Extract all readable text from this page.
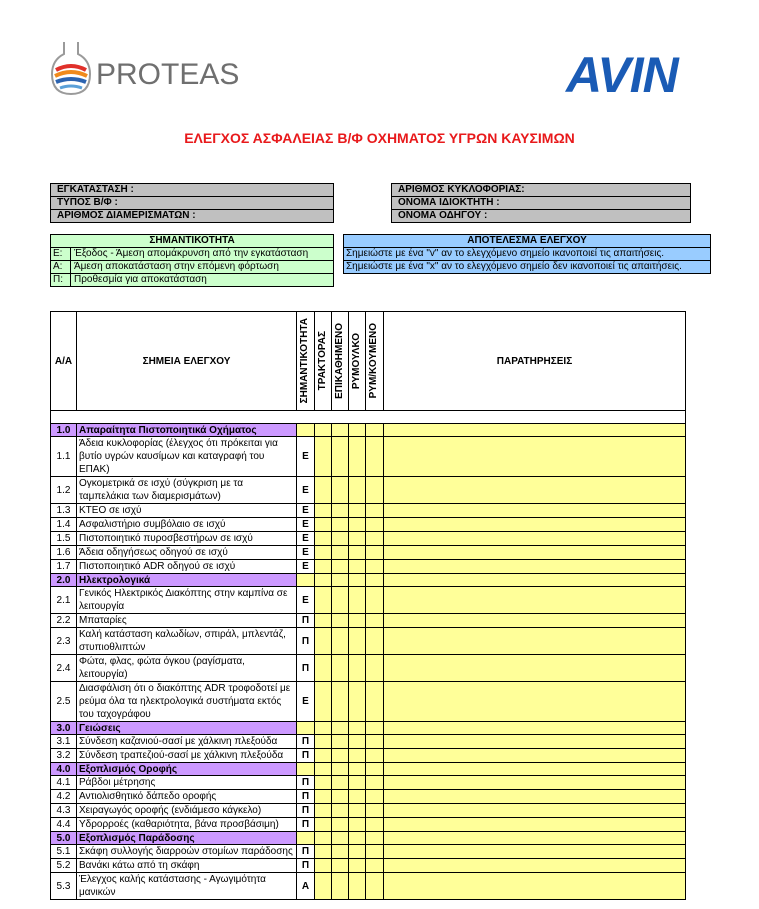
PROTEAS	AVIN
ΕΛΕΓΧΟΣ ΑΣΦΑΛΕΙΑΣ Β/Φ ΟΧΗΜΑΤΟΣ ΥΓΡΩΝ ΚΑΥΣΙΜΩΝ
ΕΓΚΑΤΑΣΤΑΣΗ :
ΤΥΠΟΣ Β/Φ :
ΑΡΙΘΜΟΣ ΔΙΑΜΕΡΙΣΜΑΤΩΝ :
ΑΡΙΘΜΟΣ ΚΥΚΛΟΦΟΡΙΑΣ:
ΟΝΟΜΑ ΙΔΙΟΚΤΗΤΗ :
ΟΝΟΜΑ ΟΔΗΓΟΥ :
ΣΗΜΑΝΤΙΚΟΤΗΤΑ
Ε: Έξοδος - Άμεση απομάκρυνση από την εγκατάσταση
Α: Άμεση αποκατάσταση στην επόμενη φόρτωση
Π: Προθεσμία για αποκατάσταση
ΑΠΟΤΕΛΕΣΜΑ ΕΛΕΓΧΟΥ
Σημειώστε με ένα "v" αν το ελεγχόμενο σημείο ικανοποιεί τις απαιτήσεις.
Σημειώστε με ένα "x" αν το ελεγχόμενο σημείο δεν ικανοποιεί τις απαιτήσεις.
Α/Α	ΣΗΜΕΙΑ ΕΛΕΓΧΟΥ	ΣΗΜΑΝΤΙΚΟΤΗΤΑ	ΤΡΑΚΤΟΡΑΣ	ΕΠΙΚΑΘΗΜΕΝΟ	ΡΥΜΟΥΛΚΟ	ΡΥΜ/ΚΟΥΜΕΝΟ	ΠΑΡΑΤΗΡΗΣΕΙΣ

1.0	Απαραίτητα Πιστοποιητικά Οχήματος						
1.1	Άδεια κυκλοφορίας (έλεγχος ότι πρόκειται για βυτίο υγρών καυσίμων και καταγραφή του ΕΠΑΚ)	Ε					
1.2	Ογκομετρικά σε ισχύ (σύγκριση με τα ταμπελάκια των διαμερισμάτων)	Ε					
1.3	ΚΤΕΟ σε ισχύ	Ε					
1.4	Ασφαλιστήριο συμβόλαιο σε ισχύ	Ε					
1.5	Πιστοποιητικό πυροσβεστήρων σε ισχύ	Ε					
1.6	Άδεια οδηγήσεως οδηγού σε ισχύ	Ε					
1.7	Πιστοποιητικό ADR οδηγού σε ισχύ	Ε					
2.0	Ηλεκτρολογικά						
2.1	Γενικός Ηλεκτρικός Διακόπτης στην καμπίνα σε λειτουργία	Ε					
2.2	Μπαταρίες	Π					
2.3	Καλή κατάσταση καλωδίων, σπιράλ, μπλεντάζ, στυπιοθλιπτών	Π					
2.4	Φώτα, φλας, φώτα όγκου (ραγίσματα, λειτουργία)	Π					
2.5	Διασφάλιση ότι ο διακόπτης ADR τροφοδοτεί με ρεύμα όλα τα ηλεκτρολογικά συστήματα εκτός του ταχογράφου	Ε					
3.0	Γειώσεις						
3.1	Σύνδεση καζανιού-σασί με χάλκινη πλεξούδα	Π					
3.2	Σύνδεση τραπεζιού-σασί με χάλκινη πλεξούδα	Π					
4.0	Εξοπλισμός Οροφής						
4.1	Ράβδοι μέτρησης	Π					
4.2	Αντιολισθητικό δάπεδο οροφής	Π					
4.3	Χειραγωγός οροφής (ενδιάμεσο κάγκελο)	Π					
4.4	Υδρορροές (καθαριότητα, βάνα προσβάσιμη)	Π					
5.0	Εξοπλισμός Παράδοσης						
5.1	Σκάφη συλλογής διαρροών στομίων παράδοσης	Π					
5.2	Βανάκι κάτω από τη σκάφη	Π					
5.3	Έλεγχος καλής κατάστασης - Αγωγιμότητα μανικών	Α					
